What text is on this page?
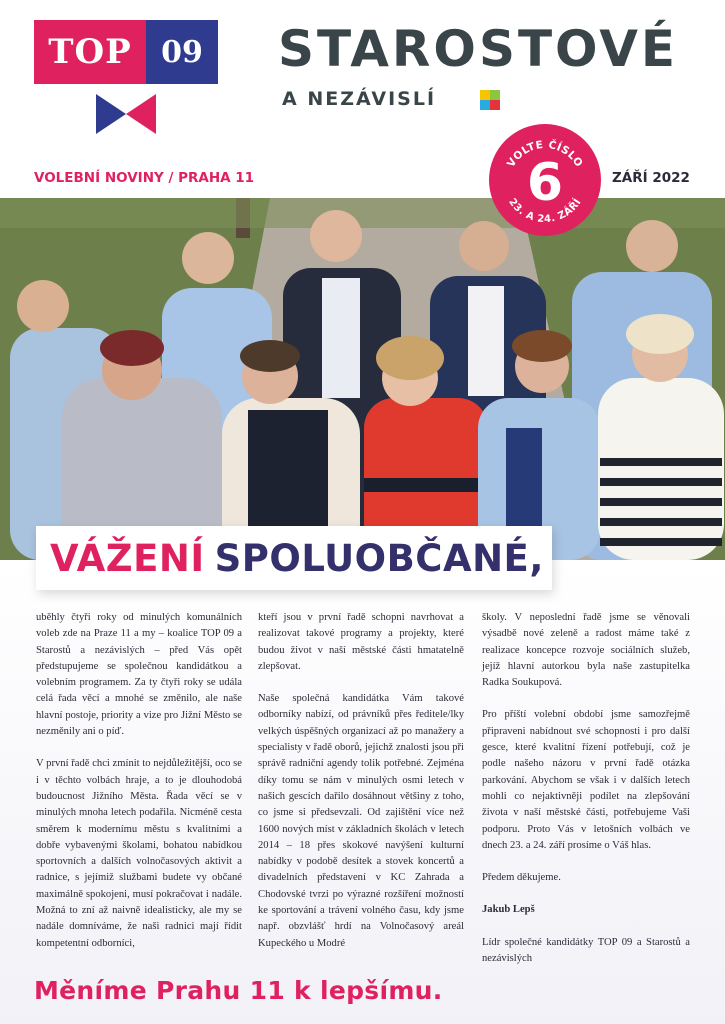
TOP 09	STAROSTOVÉ
A NEZÁVISLÍ
VOLEBNÍ NOVINY / PRAHA 11	ZÁŘÍ 2022
VOLTE ČÍSLO
6
23. A 24. ZÁŘÍ
VÁŽENÍ SPOLUOBČANÉ,

uběhly čtyři roky od minulých komunálních voleb zde na Praze 11 a my – koalice TOP 09 a Starostů a nezávislých – před Vás opět předstupujeme se společnou kandidátkou a volebním programem. Za ty čtyři roky se udála celá řada věcí a mnohé se změnilo, ale naše hlavní postoje, priority a vize pro Jižní Město se nezměnily ani o píď.

V první řadě chci zmínit to nejdůležitější, oco se i v těchto volbách hraje, a to je dlouhodobá budoucnost Jižního Města. Řada věcí se v minulých mnoha letech podařila. Nicméně cesta směrem k modernímu městu s kvalitními a dobře vybavenými školami, bohatou nabídkou sportovních a dalších volnočasových aktivit a radnice, s jejímiž službami budete vy občané maximálně spokojeni, musí pokračovat i nadále. Možná to zní až naivně idealisticky, ale my se nadále domníváme, že naši radnici mají řídit kompetentní odborníci,

kteří jsou v první řadě schopni navrhovat a realizovat takové programy a projekty, které budou život v naší městské části hmatatelně zlepšovat.

Naše společná kandidátka Vám takové odborníky nabízí, od právníků přes ředitele/lky velkých úspěšných organizací až po manažery a specialisty v řadě oborů, jejichž znalosti jsou při správě radniční agendy tolik potřebné. Zejména díky tomu se nám v minulých osmi letech v našich gescích dařilo dosáhnout většiny z toho, co jsme si předsevzali. Od zajištění více než 1600 nových míst v základních školách v letech 2014 – 18 přes skokové navýšení kulturní nabídky v podobě desítek a stovek koncertů a divadelních představení v KC Zahrada a Chodovské tvrzi po výrazné rozšíření možností ke sportování a trávení volného času, kdy jsme např. obzvlášť hrdí na Volnočasový areál Kupeckého u Modré

školy. V neposlední řadě jsme se věnovali výsadbě nové zeleně a radost máme také z realizace koncepce rozvoje sociálních služeb, jejíž hlavní autorkou byla naše zastupitelka Radka Soukupová.

Pro příští volební období jsme samozřejmě připraveni nabídnout své schopnosti i pro další gesce, které kvalitní řízení potřebují, což je podle našeho názoru v první řadě otázka parkování. Abychom se však i v dalších letech mohli co nejaktivněji podílet na zlepšování života v naší městské části, potřebujeme Vaši podporu. Proto Vás v letošních volbách ve dnech 23. a 24. září prosíme o Váš hlas.

Předem děkujeme.

Jakub Lepš

Lídr společné kandidátky TOP 09 a Starostů a nezávislých

Měníme Prahu 11 k lepšímu.
